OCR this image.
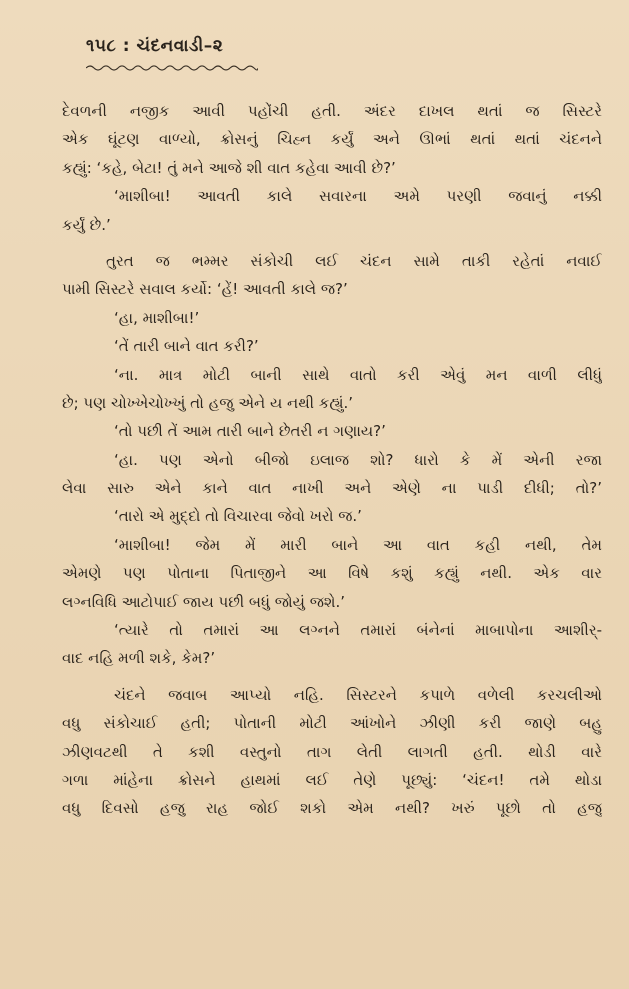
૧૫૮ : ચંદનવાડી–૨
દેવળની નજીક આવી પહોંચી હતી. અંદર દાખલ થતાં જ સિસ્ટરે
એક ઘૂંટણ વાળ્યો, ક્રોસનું ચિહ્ન કર્યું અને ઊભાં થતાં થતાં ચંદનને
કહ્યું: ‘કહે, બેટા! તું મને આજે શી વાત કહેવા આવી છે?’
‘માશીબા! આવતી કાલે સવારના અમે પરણી જવાનું નક્કી
કર્યું છે.’
તુરત જ ભમ્મર સંકોચી લઈ ચંદન સામે તાકી રહેતાં નવાઈ
પામી સિસ્ટરે સવાલ કર્યો: ‘હેં! આવતી કાલે જ?’
‘હા, માશીબા!’
‘તેં તારી બાને વાત કરી?’
‘ના. માત્ર મોટી બાની સાથે વાતો કરી એવું મન વાળી લીધું
છે; પણ ચોખ્ખેચોખ્ખું તો હજુ એને ય નથી કહ્યું.’
‘તો પછી તેં આમ તારી બાને છેતરી ન ગણાય?’
‘હા. પણ એનો બીજો ઇલાજ શો? ધારો કે મેં એની રજા
લેવા સારુ એને કાને વાત નાખી અને એણે ના પાડી દીધી; તો?’
‘તારો એ મુદ્દો તો વિચારવા જેવો ખરો જ.’
‘માશીબા! જેમ મેં મારી બાને આ વાત કહી નથી, તેમ
એમણે પણ પોતાના પિતાજીને આ વિષે કશું કહ્યું નથી. એક વાર
લગ્નવિધિ આટોપાઈ જાય પછી બધું જોયું જશે.’
‘ત્યારે તો તમારાં આ લગ્નને તમારાં બંનેનાં માબાપોના આશીર્-
વાદ નહિ મળી શકે, કેમ?’
ચંદને જવાબ આપ્યો નહિ. સિસ્ટરને કપાળે વળેલી કરચલીઓ
વધુ સંકોચાઈ હતી; પોતાની મોટી આંખોને ઝીણી કરી જાણે બહુ
ઝીણવટથી તે કશી વસ્તુનો તાગ લેતી લાગતી હતી. થોડી વારે
ગળા માંહેના ક્રોસને હાથમાં લઈ તેણે પૂછ્યું: ‘ચંદન! તમે થોડા
વધુ દિવસો હજુ રાહ જોઈ શકો એમ નથી? ખરું પૂછો તો હજુ
